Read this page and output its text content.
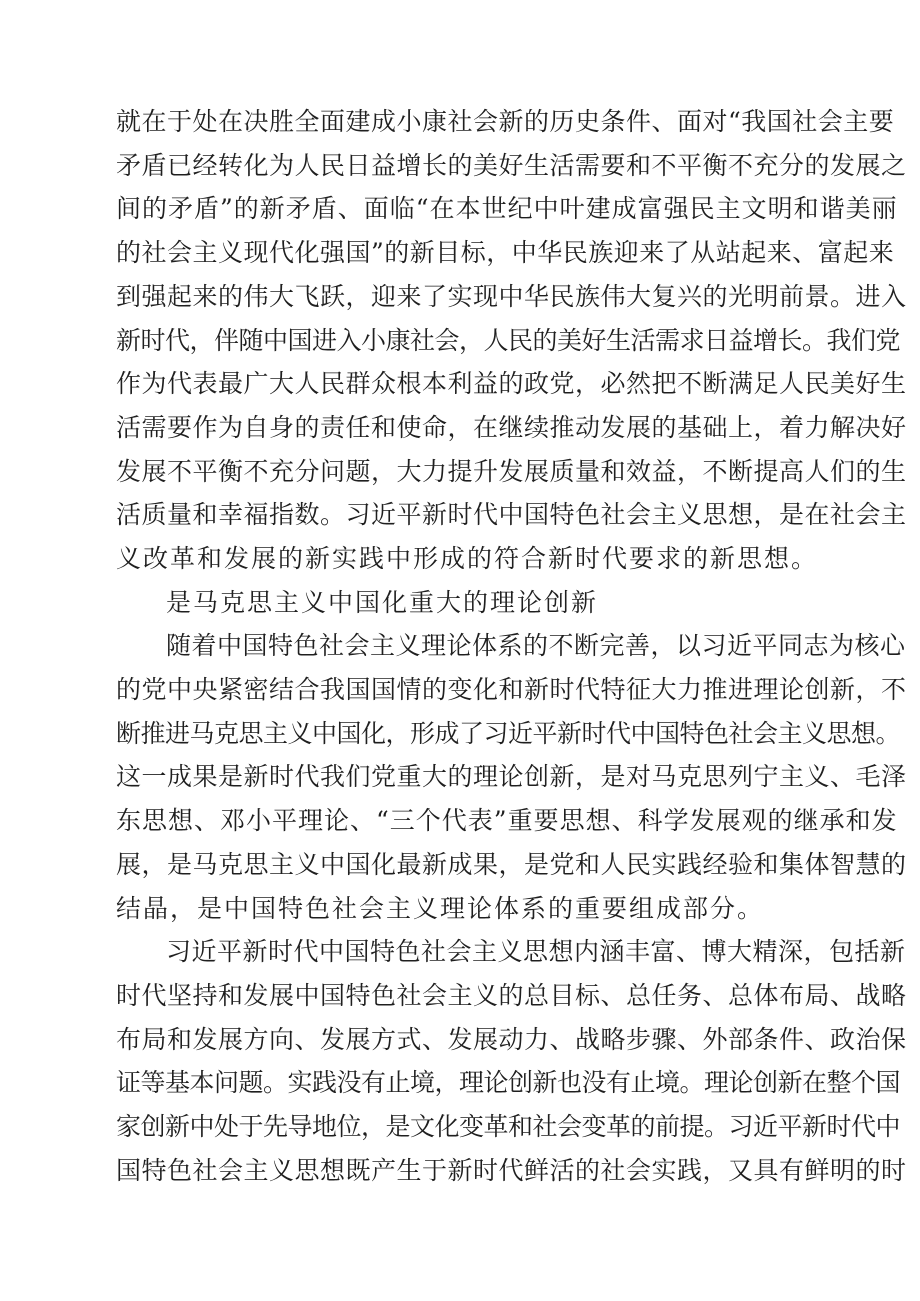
就在于处在决胜全面建成小康社会新的历史条件、面对“我国社会主要
矛盾已经转化为人民日益增长的美好生活需要和不平衡不充分的发展之
间的矛盾”的新矛盾、面临“在本世纪中叶建成富强民主文明和谐美丽
的社会主义现代化强国”的新目标，中华民族迎来了从站起来、富起来
到强起来的伟大飞跃，迎来了实现中华民族伟大复兴的光明前景。进入
新时代，伴随中国进入小康社会，人民的美好生活需求日益增长。我们党
作为代表最广大人民群众根本利益的政党，必然把不断满足人民美好生
活需要作为自身的责任和使命，在继续推动发展的基础上，着力解决好
发展不平衡不充分问题，大力提升发展质量和效益，不断提高人们的生
活质量和幸福指数。习近平新时代中国特色社会主义思想，是在社会主
义改革和发展的新实践中形成的符合新时代要求的新思想。
是马克思主义中国化重大的理论创新
随着中国特色社会主义理论体系的不断完善，以习近平同志为核心
的党中央紧密结合我国国情的变化和新时代特征大力推进理论创新，不
断推进马克思主义中国化，形成了习近平新时代中国特色社会主义思想。
这一成果是新时代我们党重大的理论创新，是对马克思列宁主义、毛泽
东思想、邓小平理论、“三个代表”重要思想、科学发展观的继承和发
展，是马克思主义中国化最新成果，是党和人民实践经验和集体智慧的
结晶，是中国特色社会主义理论体系的重要组成部分。
习近平新时代中国特色社会主义思想内涵丰富、博大精深，包括新
时代坚持和发展中国特色社会主义的总目标、总任务、总体布局、战略
布局和发展方向、发展方式、发展动力、战略步骤、外部条件、政治保
证等基本问题。实践没有止境，理论创新也没有止境。理论创新在整个国
家创新中处于先导地位，是文化变革和社会变革的前提。习近平新时代中
国特色社会主义思想既产生于新时代鲜活的社会实践，又具有鲜明的时
